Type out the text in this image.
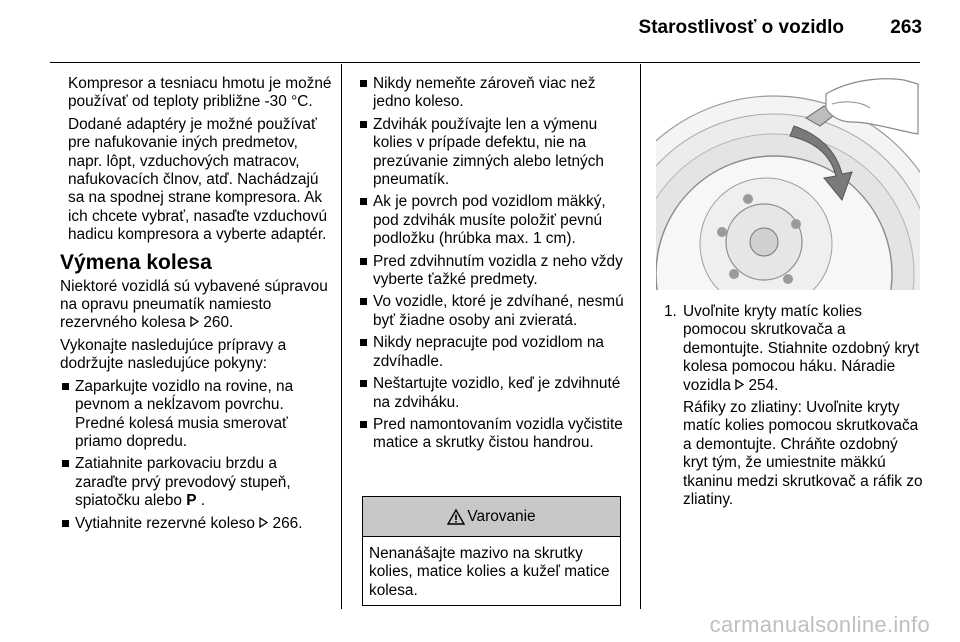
Starostlivosť o vozidlo	263

Kompresor a tesniacu hmotu je možné používať od teploty približne -30 °C.

Dodané adaptéry je možné používať pre nafukovanie iných predmetov, napr. lôpt, vzduchových matracov, nafukovacích člnov, atď. Nachádzajú sa na spodnej strane kompresora. Ak ich chcete vybrať, nasaďte vzduchovú hadicu kompresora a vyberte adaptér.

Výmena kolesa

Niektoré vozidlá sú vybavené súpravou na opravu pneumatík namiesto rezervného kolesa 260.

Vykonajte nasledujúce prípravy a dodržujte nasledujúce pokyny:

Zaparkujte vozidlo na rovine, na pevnom a nekĺzavom povrchu. Predné kolesá musia smerovať priamo dopredu.
Zatiahnite parkovaciu brzdu a zaraďte prvý prevodový stupeň, spiatočku alebo P .
Vytiahnite rezervné koleso 266.
Nikdy nemeňte zároveň viac než jedno koleso.
Zdvihák používajte len a výmenu kolies v prípade defektu, nie na prezúvanie zimných alebo letných pneumatík.
Ak je povrch pod vozidlom mäkký, pod zdvihák musíte položiť pevnú podložku (hrúbka max. 1 cm).
Pred zdvihnutím vozidla z neho vždy vyberte ťažké predmety.
Vo vozidle, ktoré je zdvíhané, nesmú byť žiadne osoby ani zvieratá.
Nikdy nepracujte pod vozidlom na zdvíhadle.
Neštartujte vozidlo, keď je zdvihnuté na zdviháku.
Pred namontovaním vozidla vyčistite matice a skrutky čistou handrou.
Varovanie
Nenanášajte mazivo na skrutky kolies, matice kolies a kužeľ matice kolesa.
1. Uvoľnite kryty matíc kolies pomocou skrutkovača a demontujte. Stiahnite ozdobný kryt kolesa pomocou háku. Náradie vozidla 254.

Ráfiky zo zliatiny: Uvoľnite kryty matíc kolies pomocou skrutkovača a demontujte. Chráňte ozdobný kryt tým, že umiestnite mäkkú tkaninu medzi skrutkovač a ráfik zo zliatiny.

carmanualsonline.info
